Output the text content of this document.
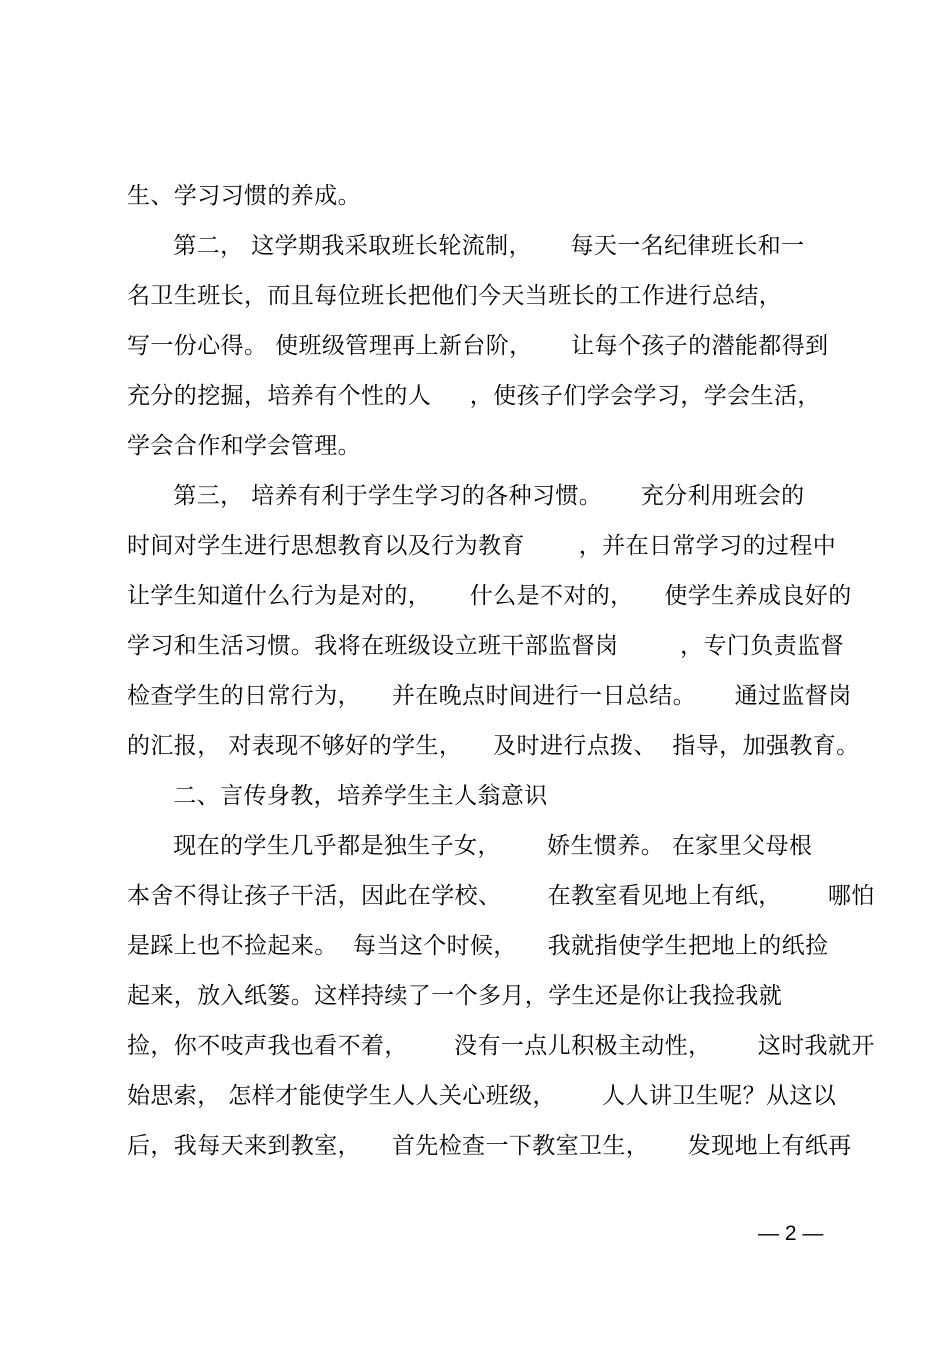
生、学习习惯的养成。
第二， 这学期我采取班长轮流制，     每天一名纪律班长和一
名卫生班长，而且每位班长把他们今天当班长的工作进行总结，
写一份心得。 使班级管理再上新台阶，     让每个孩子的潜能都得到
充分的挖掘，培养有个性的人     ，使孩子们学会学习，学会生活，
学会合作和学会管理。
第三， 培养有利于学生学习的各种习惯。     充分利用班会的
时间对学生进行思想教育以及行为教育       ，并在日常学习的过程中
让学生知道什么行为是对的，     什么是不对的，    使学生养成良好的
学习和生活习惯。我将在班级设立班干部监督岗        ，专门负责监督
检查学生的日常行为，    并在晚点时间进行一日总结。     通过监督岗
的汇报， 对表现不够好的学生，    及时进行点拨、  指导，加强教育。
二、言传身教，培养学生主人翁意识
现在的学生几乎都是独生子女，      娇生惯养。 在家里父母根
本舍不得让孩子干活，因此在学校、      在教室看见地上有纸，      哪怕
是踩上也不捡起来。  每当这个时候，    我就指使学生把地上的纸捡
起来，放入纸篓。这样持续了一个多月，学生还是你让我捡我就
捡，你不吱声我也看不着，      没有一点儿积极主动性，      这时我就开
始思索， 怎样才能使学生人人关心班级，      人人讲卫生呢？从这以
后，我每天来到教室，    首先检查一下教室卫生，     发现地上有纸再
— 2 —
